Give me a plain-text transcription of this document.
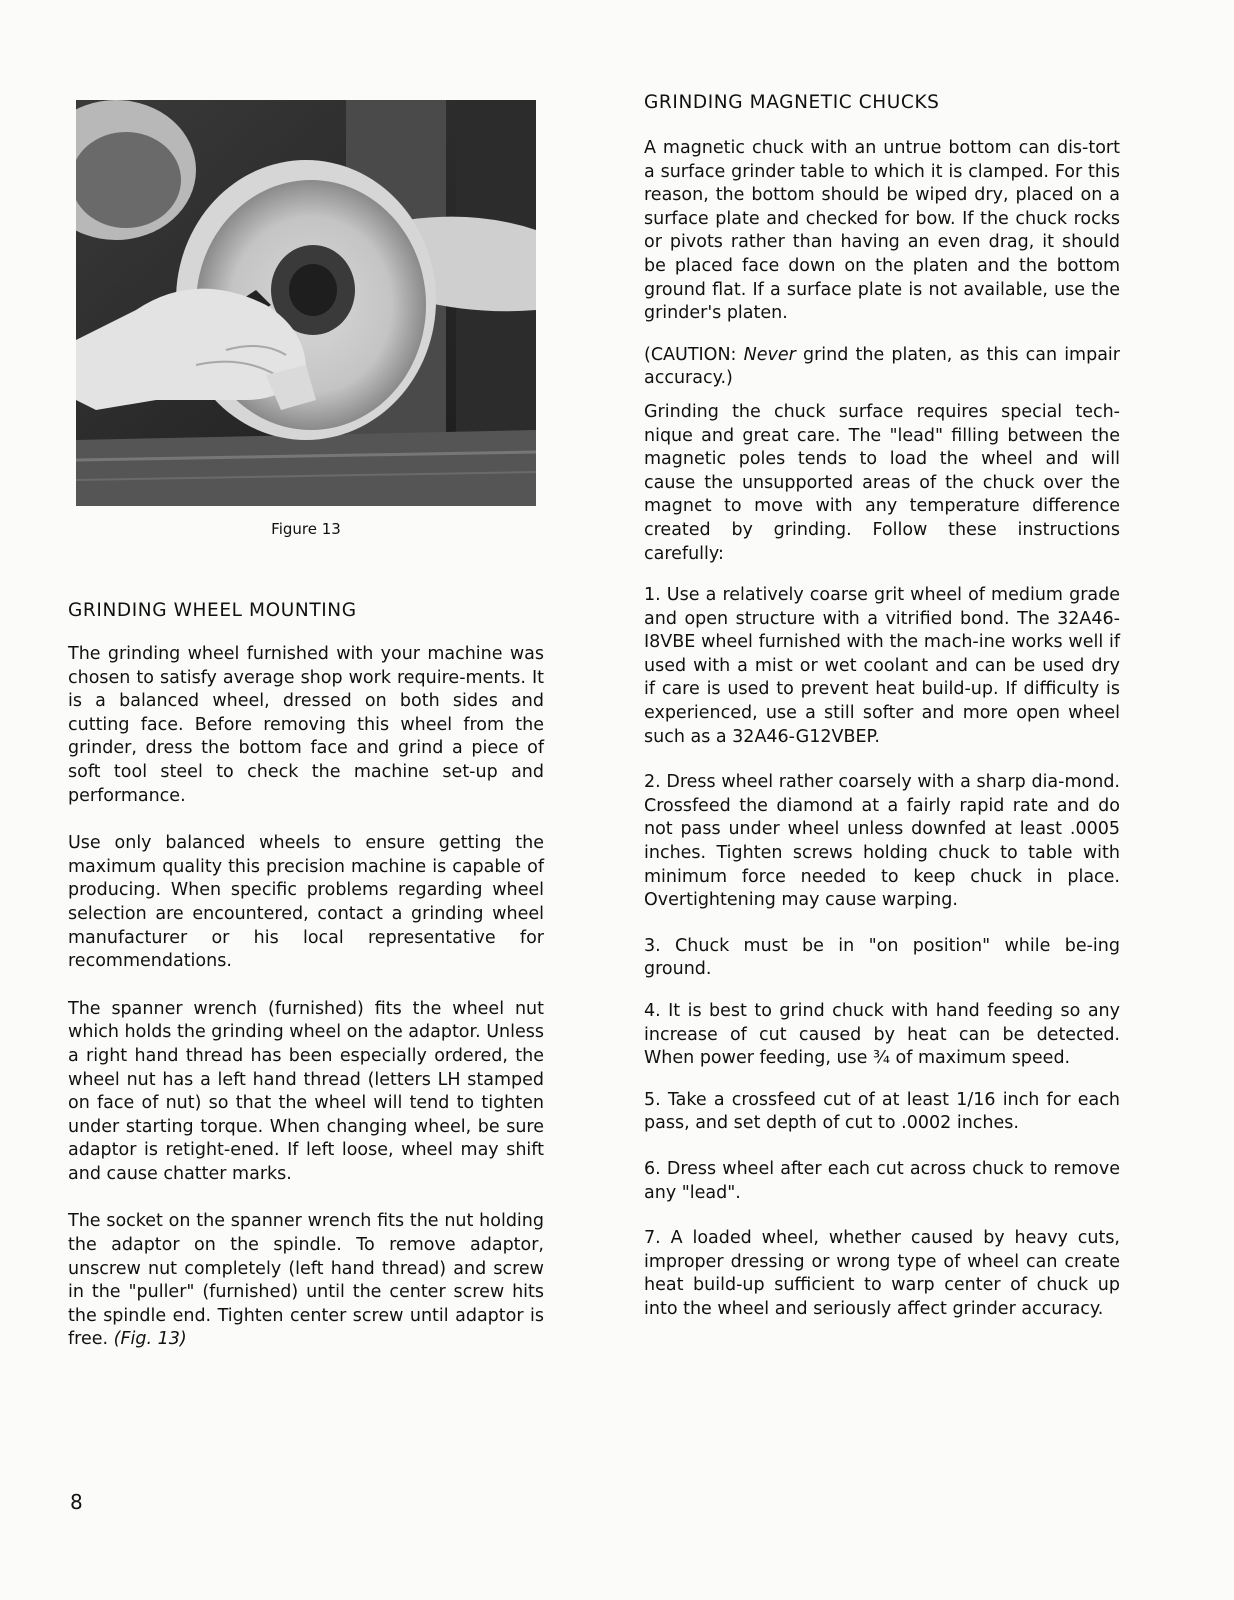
Figure 13
GRINDING WHEEL MOUNTING

The grinding wheel furnished with your machine was chosen to satisfy average shop work require-ments. It is a balanced wheel, dressed on both sides and cutting face. Before removing this wheel from the grinder, dress the bottom face and grind a piece of soft tool steel to check the machine set-up and performance.

Use only balanced wheels to ensure getting the maximum quality this precision machine is capable of producing. When specific problems regarding wheel selection are encountered, contact a grinding wheel manufacturer or his local representative for recommendations.

The spanner wrench (furnished) fits the wheel nut which holds the grinding wheel on the adaptor. Unless a right hand thread has been especially ordered, the wheel nut has a left hand thread (letters LH stamped on face of nut) so that the wheel will tend to tighten under starting torque. When changing wheel, be sure adaptor is retight-ened. If left loose, wheel may shift and cause chatter marks.

The socket on the spanner wrench fits the nut holding the adaptor on the spindle. To remove adaptor, unscrew nut completely (left hand thread) and screw in the "puller" (furnished) until the center screw hits the spindle end. Tighten center screw until adaptor is free. (Fig. 13)

GRINDING MAGNETIC CHUCKS

A magnetic chuck with an untrue bottom can dis-tort a surface grinder table to which it is clamped. For this reason, the bottom should be wiped dry, placed on a surface plate and checked for bow. If the chuck rocks or pivots rather than having an even drag, it should be placed face down on the platen and the bottom ground flat. If a surface plate is not available, use the grinder's platen.

(CAUTION: Never grind the platen, as this can impair accuracy.)

Grinding the chuck surface requires special tech-nique and great care. The "lead" filling between the magnetic poles tends to load the wheel and will cause the unsupported areas of the chuck over the magnet to move with any temperature difference created by grinding. Follow these instructions carefully:

1. Use a relatively coarse grit wheel of medium grade and open structure with a vitrified bond. The 32A46-I8VBE wheel furnished with the mach-ine works well if used with a mist or wet coolant and can be used dry if care is used to prevent heat build-up. If difficulty is experienced, use a still softer and more open wheel such as a 32A46-G12VBEP.

2. Dress wheel rather coarsely with a sharp dia-mond. Crossfeed the diamond at a fairly rapid rate and do not pass under wheel unless downfed at least .0005 inches. Tighten screws holding chuck to table with minimum force needed to keep chuck in place. Overtightening may cause warping.

3. Chuck must be in "on position" while be-ing ground.

4. It is best to grind chuck with hand feeding so any increase of cut caused by heat can be detected. When power feeding, use ¾ of maximum speed.

5. Take a crossfeed cut of at least 1/16 inch for each pass, and set depth of cut to .0002 inches.

6. Dress wheel after each cut across chuck to remove any "lead".

7. A loaded wheel, whether caused by heavy cuts, improper dressing or wrong type of wheel can create heat build-up sufficient to warp center of chuck up into the wheel and seriously affect grinder accuracy.

8
